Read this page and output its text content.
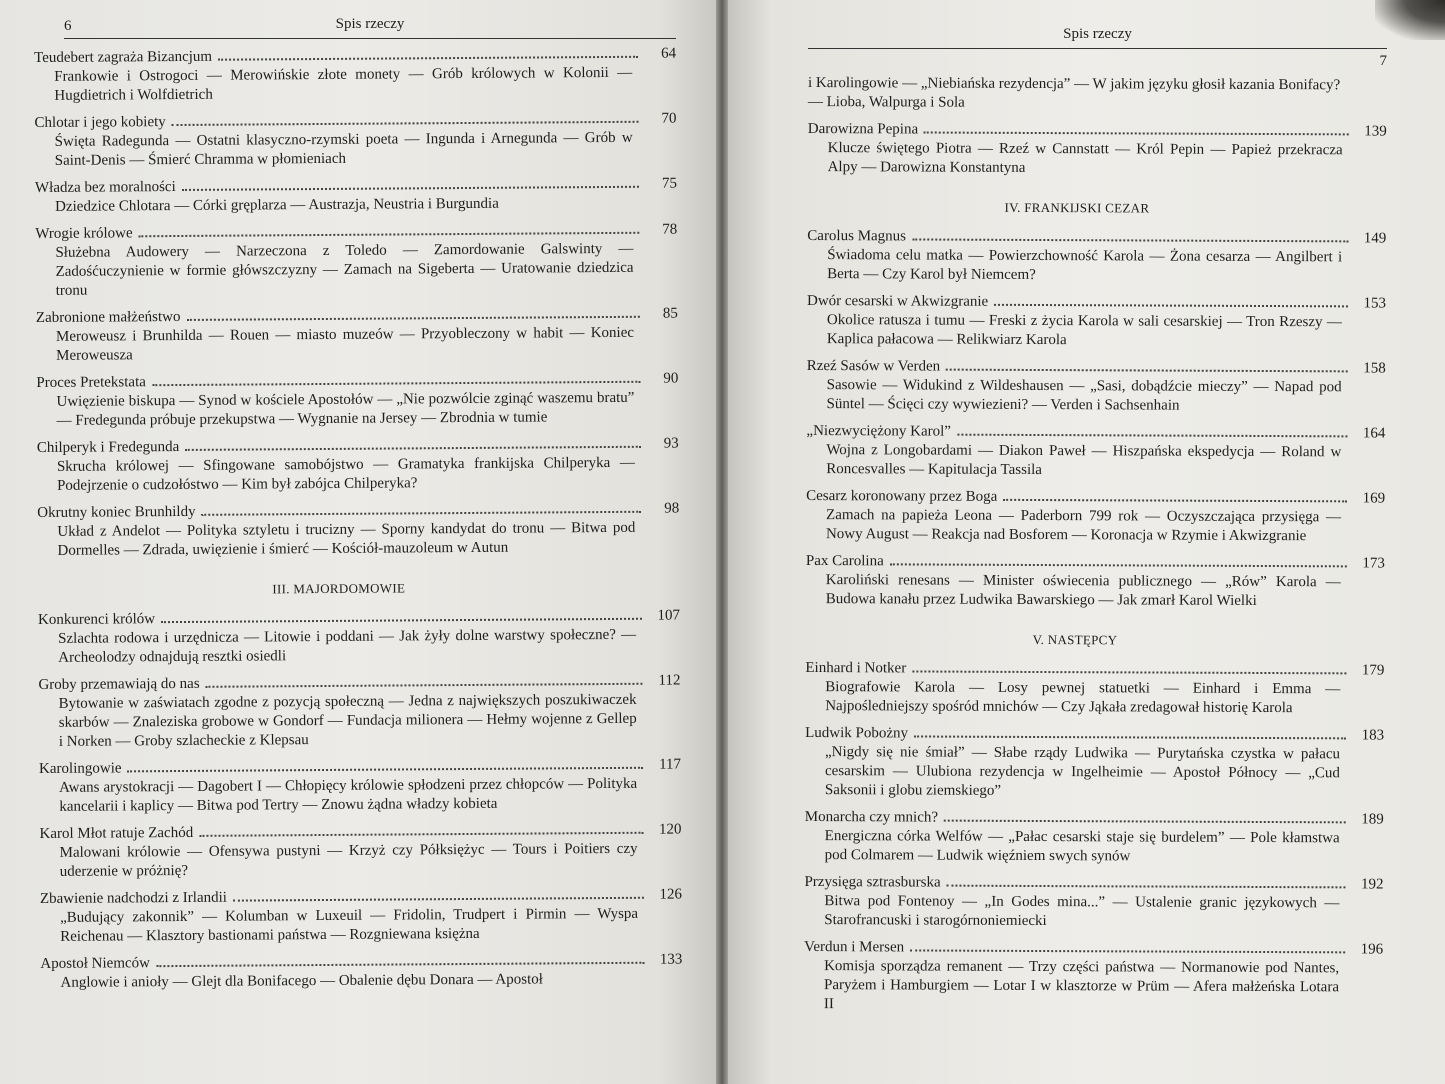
6	Spis rzeczy
Teudebert zagraża Bizancjum	64
Frankowie i Ostrogoci — Merowińskie złote monety — Grób królowych w Kolonii — Hugdietrich i Wolfdietrich
Chlotar i jego kobiety	70
Święta Radegunda — Ostatni klasyczno-rzymski poeta — Ingunda i Arnegunda — Grób w Saint-Denis — Śmierć Chramma w płomieniach
Władza bez moralności	75
Dziedzice Chlotara — Córki gręplarza — Austrazja, Neustria i Burgundia
Wrogie królowe	78
Służebna Audowery — Narzeczona z Toledo — Zamordowanie Galswinty — Zadośćuczynienie w formie główszczyzny — Zamach na Sigeberta — Uratowanie dziedzica tronu
Zabronione małżeństwo	85
Meroweusz i Brunhilda — Rouen — miasto muzeów — Przyobleczony w habit — Koniec Meroweusza
Proces Pretekstata	90
Uwięzienie biskupa — Synod w kościele Apostołów — „Nie pozwólcie zginąć waszemu bratu” — Fredegunda próbuje przekupstwa — Wygnanie na Jersey — Zbrodnia w tumie
Chilperyk i Fredegunda	93
Skrucha królowej — Sfingowane samobójstwo — Gramatyka frankijska Chilperyka — Podejrzenie o cudzołóstwo — Kim był zabójca Chilperyka?
Okrutny koniec Brunhildy	98
Układ z Andelot — Polityka sztyletu i trucizny — Sporny kandydat do tronu — Bitwa pod Dormelles — Zdrada, uwięzienie i śmierć — Kościół-mauzoleum w Autun
III. MAJORDOMOWIE
Konkurenci królów	107
Szlachta rodowa i urzędnicza — Litowie i poddani — Jak żyły dolne warstwy społeczne? — Archeolodzy odnajdują resztki osiedli
Groby przemawiają do nas	112
Bytowanie w zaświatach zgodne z pozycją społeczną — Jedna z największych poszukiwaczek skarbów — Znaleziska grobowe w Gondorf — Fundacja milionera — Hełmy wojenne z Gellep i Norken — Groby szlacheckie z Klepsau
Karolingowie	117
Awans arystokracji — Dagobert I — Chłopięcy królowie spłodzeni przez chłopców — Polityka kancelarii i kaplicy — Bitwa pod Tertry — Znowu żądna władzy kobieta
Karol Młot ratuje Zachód	120
Malowani królowie — Ofensywa pustyni — Krzyż czy Półksiężyc — Tours i Poitiers czy uderzenie w próżnię?
Zbawienie nadchodzi z Irlandii	126
„Budujący zakonnik” — Kolumban w Luxeuil — Fridolin, Trudpert i Pirmin — Wyspa Reichenau — Klasztory bastionami państwa — Rozgniewana księżna
Apostoł Niemców	133
Anglowie i anioły — Glejt dla Bonifacego — Obalenie dębu Donara — Apostoł
Spis rzeczy
7
i Karolingowie — „Niebiańska rezydencja” — W jakim języku głosił kazania Bonifacy? — Lioba, Walpurga i Sola
Darowizna Pepina	139
Klucze świętego Piotra — Rzeź w Cannstatt — Król Pepin — Papież przekracza Alpy — Darowizna Konstantyna
IV. FRANKIJSKI CEZAR
Carolus Magnus	149
Świadoma celu matka — Powierzchowność Karola — Żona cesarza — Angilbert i Berta — Czy Karol był Niemcem?
Dwór cesarski w Akwizgranie	153
Okolice ratusza i tumu — Freski z życia Karola w sali cesarskiej — Tron Rzeszy — Kaplica pałacowa — Relikwiarz Karola
Rzeź Sasów w Verden	158
Sasowie — Widukind z Wildeshausen — „Sasi, dobądźcie mieczy” — Napad pod Süntel — Ścięci czy wywiezieni? — Verden i Sachsenhain
„Niezwyciężony Karol”	164
Wojna z Longobardami — Diakon Paweł — Hiszpańska ekspedycja — Roland w Roncesvalles — Kapitulacja Tassila
Cesarz koronowany przez Boga	169
Zamach na papieża Leona — Paderborn 799 rok — Oczyszczająca przysięga — Nowy August — Reakcja nad Bosforem — Koronacja w Rzymie i Akwizgranie
Pax Carolina	173
Karoliński renesans — Minister oświecenia publicznego — „Rów” Karola — Budowa kanału przez Ludwika Bawarskiego — Jak zmarł Karol Wielki
V. NASTĘPCY
Einhard i Notker	179
Biografowie Karola — Losy pewnej statuetki — Einhard i Emma — Najpośledniejszy spośród mnichów — Czy Jąkała zredagował historię Karola
Ludwik Pobożny	183
„Nigdy się nie śmiał” — Słabe rządy Ludwika — Purytańska czystka w pałacu cesarskim — Ulubiona rezydencja w Ingelheimie — Apostoł Północy — „Cud Saksonii i globu ziemskiego”
Monarcha czy mnich?	189
Energiczna córka Welfów — „Pałac cesarski staje się burdelem” — Pole kłamstwa pod Colmarem — Ludwik więźniem swych synów
Przysięga sztrasburska	192
Bitwa pod Fontenoy — „In Godes mina...” — Ustalenie granic językowych — Starofrancuski i starogórnoniemiecki
Verdun i Mersen	196
Komisja sporządza remanent — Trzy części państwa — Normanowie pod Nantes, Paryżem i Hamburgiem — Lotar I w klasztorze w Prüm — Afera małżeńska Lotara II
